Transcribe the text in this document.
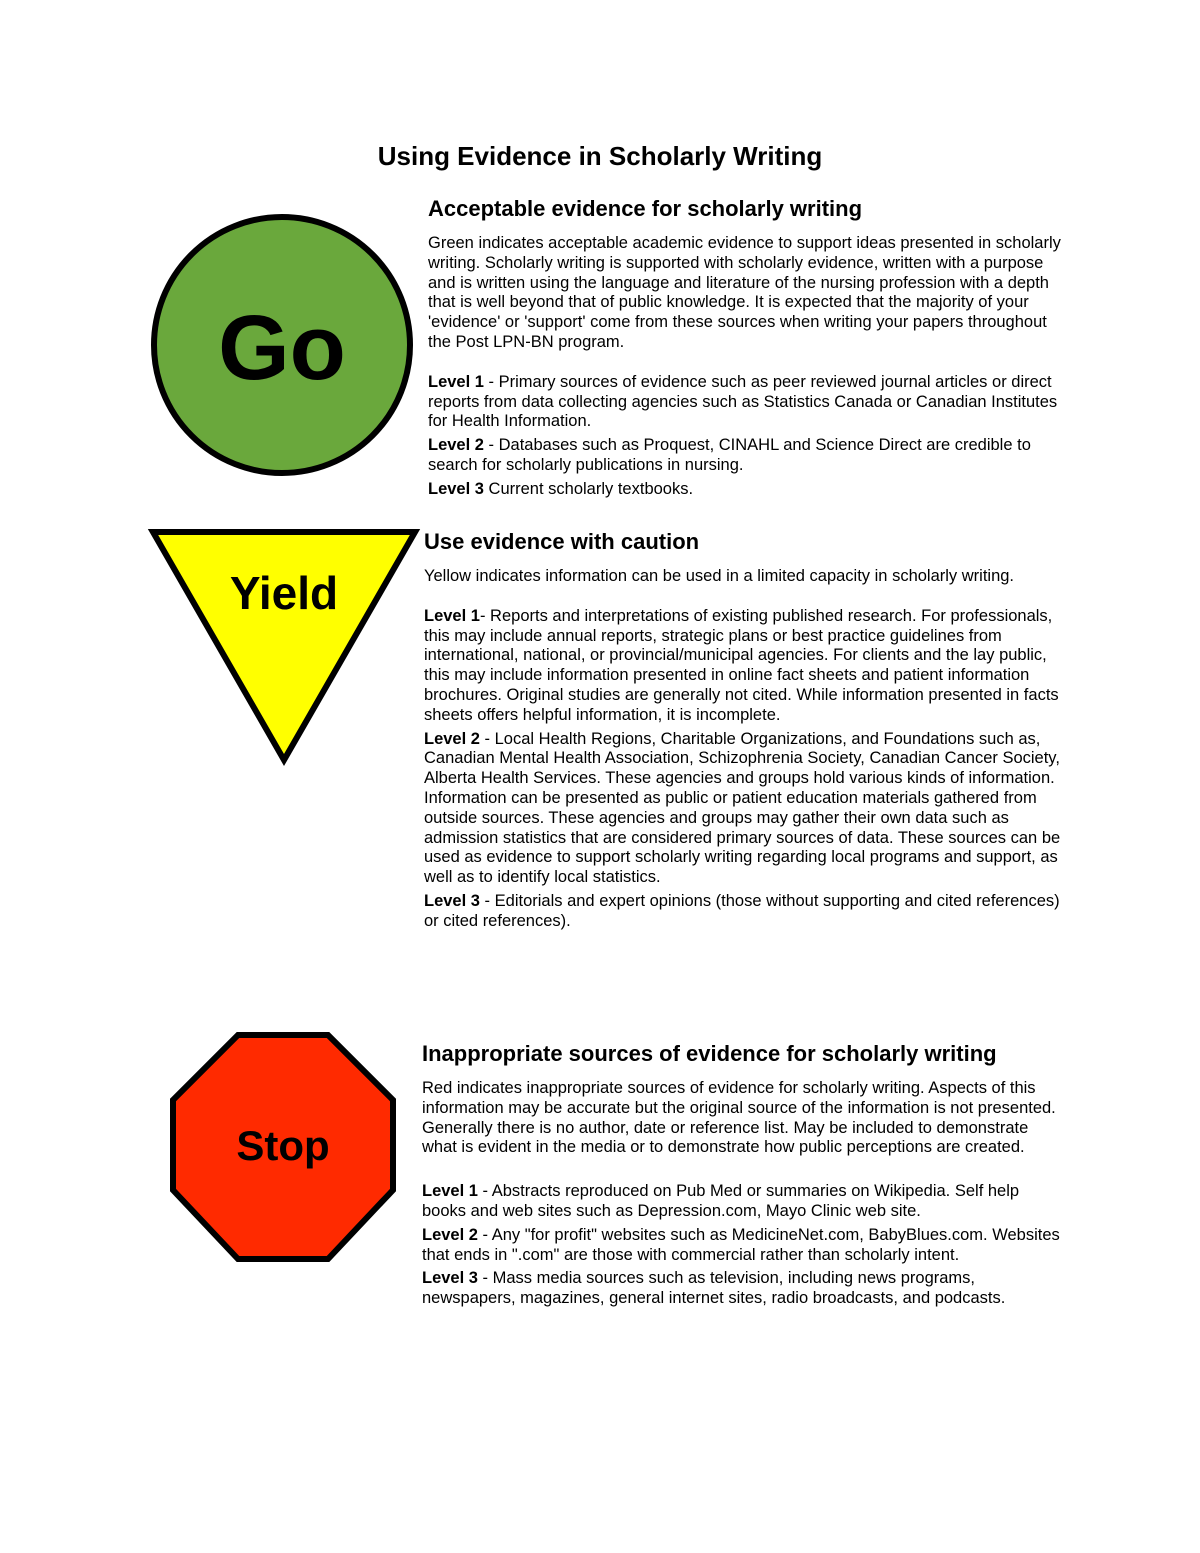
Using Evidence in Scholarly Writing
Go
Yield
Stop
Acceptable evidence for scholarly writing

Green indicates acceptable academic evidence to support ideas presented in scholarly writing. Scholarly writing is supported with scholarly evidence, written with a purpose and is written using the language and literature of the nursing profession with a depth that is well beyond that of public knowledge. It is expected that the majority of your 'evidence' or 'support' come from these sources when writing your papers throughout the Post LPN-BN program.

Level 1 - Primary sources of evidence such as peer reviewed journal articles or direct reports from data collecting agencies such as Statistics Canada or Canadian Institutes for Health Information.

Level 2 - Databases such as Proquest, CINAHL and Science Direct are credible to search for scholarly publications in nursing.

Level 3 Current scholarly textbooks.

Use evidence with caution

Yellow indicates information can be used in a limited capacity in scholarly writing.

Level 1- Reports and interpretations of existing published research. For professionals, this may include annual reports, strategic plans or best practice guidelines from international, national, or provincial/municipal agencies. For clients and the lay public, this may include information presented in online fact sheets and patient information brochures. Original studies are generally not cited. While information presented in facts sheets offers helpful information, it is incomplete.

Level 2 - Local Health Regions, Charitable Organizations, and Foundations such as, Canadian Mental Health Association, Schizophrenia Society, Canadian Cancer Society, Alberta Health Services. These agencies and groups hold various kinds of information. Information can be presented as public or patient education materials gathered from outside sources. These agencies and groups may gather their own data such as admission statistics that are considered primary sources of data. These sources can be used as evidence to support scholarly writing regarding local programs and support, as well as to identify local statistics.

Level 3 - Editorials and expert opinions (those without supporting and cited references) or cited references).

Inappropriate sources of evidence for scholarly writing

Red indicates inappropriate sources of evidence for scholarly writing. Aspects of this information may be accurate but the original source of the information is not presented. Generally there is no author, date or reference list. May be included to demonstrate what is evident in the media or to demonstrate how public perceptions are created.

Level 1 - Abstracts reproduced on Pub Med or summaries on Wikipedia. Self help books and web sites such as Depression.com, Mayo Clinic web site.

Level 2 - Any "for profit" websites such as MedicineNet.com, BabyBlues.com. Websites that ends in ".com" are those with commercial rather than scholarly intent.

Level 3 - Mass media sources such as television, including news programs, newspapers, magazines, general internet sites, radio broadcasts, and podcasts.
